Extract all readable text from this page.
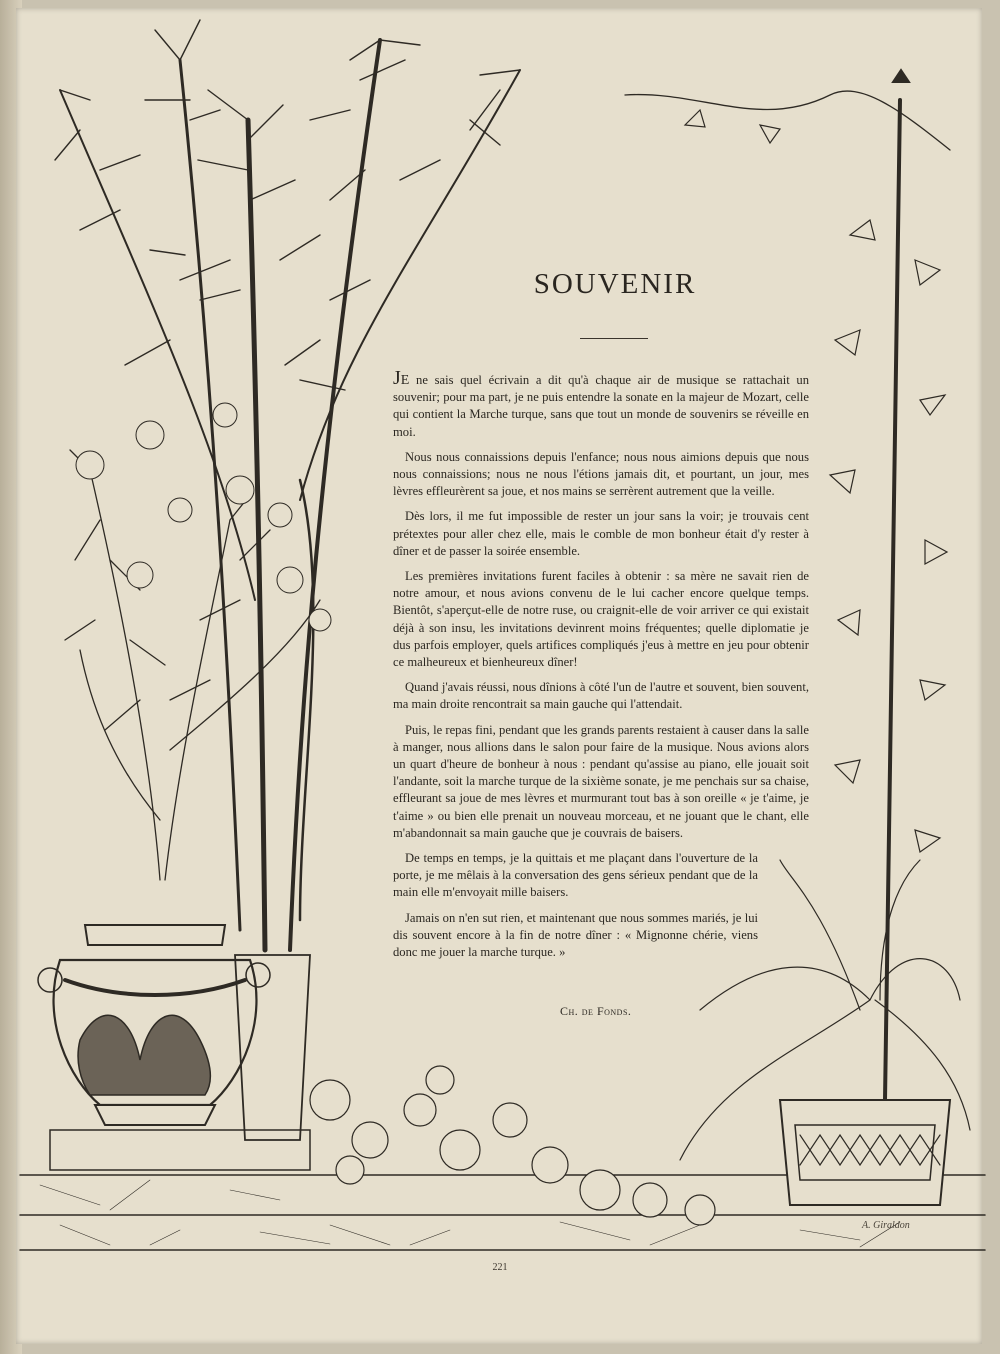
SOUVENIR

Je ne sais quel écrivain a dit qu'à chaque air de musique se rattachait un souvenir; pour ma part, je ne puis entendre la sonate en la majeur de Mozart, celle qui contient la Marche turque, sans que tout un monde de souvenirs se réveille en moi.

Nous nous connaissions depuis l'enfance; nous nous aimions depuis que nous nous connaissions; nous ne nous l'étions jamais dit, et pourtant, un jour, mes lèvres effleurèrent sa joue, et nos mains se serrèrent autrement que la veille.

Dès lors, il me fut impossible de rester un jour sans la voir; je trouvais cent prétextes pour aller chez elle, mais le comble de mon bonheur était d'y rester à dîner et de passer la soirée ensemble.

Les premières invitations furent faciles à obtenir : sa mère ne savait rien de notre amour, et nous avions convenu de le lui cacher encore quelque temps. Bientôt, s'aperçut-elle de notre ruse, ou craignit-elle de voir arriver ce qui existait déjà à son insu, les invitations devinrent moins fréquentes; quelle diplomatie je dus parfois employer, quels artifices compliqués j'eus à mettre en jeu pour obtenir ce malheureux et bienheureux dîner!

Quand j'avais réussi, nous dînions à côté l'un de l'autre et souvent, bien souvent, ma main droite rencontrait sa main gauche qui l'attendait.

Puis, le repas fini, pendant que les grands parents restaient à causer dans la salle à manger, nous allions dans le salon pour faire de la musique. Nous avions alors un quart d'heure de bonheur à nous : pendant qu'assise au piano, elle jouait soit l'andante, soit la marche turque de la sixième sonate, je me penchais sur sa chaise, effleurant sa joue de mes lèvres et murmurant tout bas à son oreille « je t'aime, je t'aime » ou bien elle prenait un nouveau morceau, et ne jouant que le chant, elle m'abandonnait sa main gauche que je couvrais de baisers.

De temps en temps, je la quittais et me plaçant dans l'ouverture de la porte, je me mêlais à la conversation des gens sérieux pendant que de la main elle m'envoyait mille baisers.

Jamais on n'en sut rien, et maintenant que nous sommes mariés, je lui dis souvent encore à la fin de notre dîner : « Mignonne chérie, viens donc me jouer la marche turque. »

Ch. de Fonds.
221
A. Giraldon
